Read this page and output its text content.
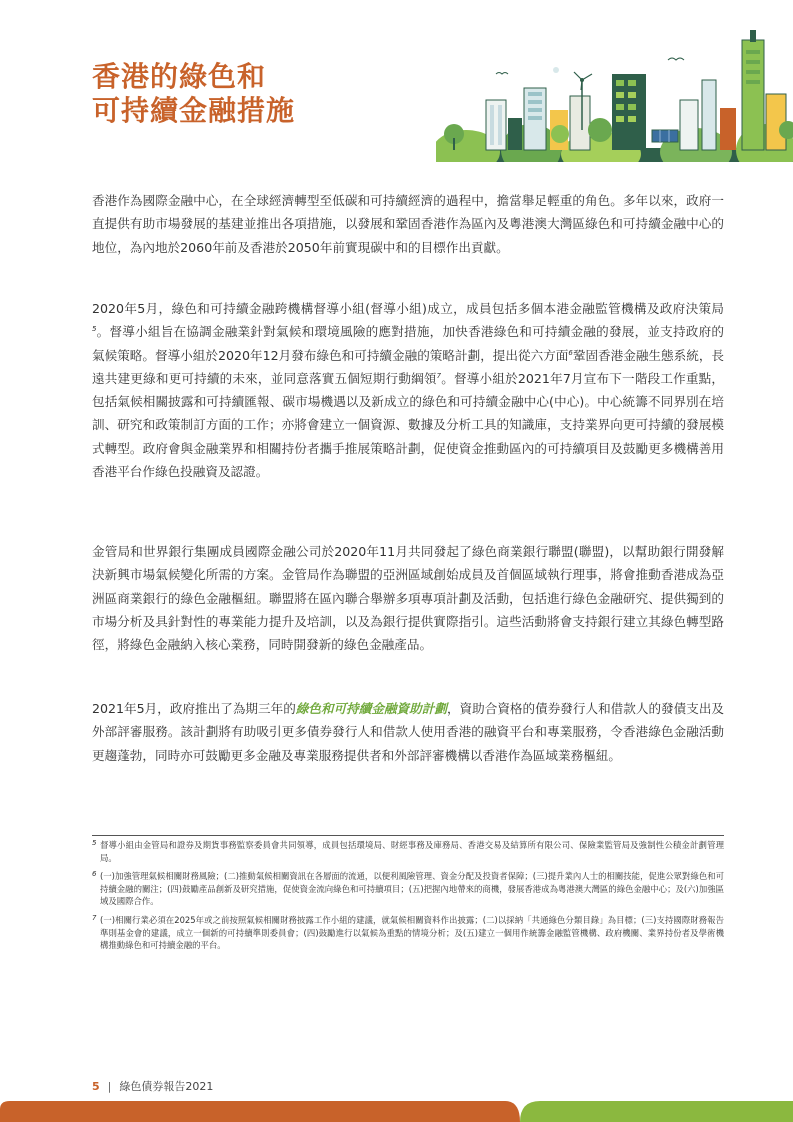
香港的綠色和
可持續金融措施
香港作為國際金融中心，在全球經濟轉型至低碳和可持續經濟的過程中，擔當舉足輕重的角色。多年以來，政府一直提供有助市場發展的基建並推出各項措施，以發展和鞏固香港作為區內及粵港澳大灣區綠色和可持續金融中心的地位，為內地於2060年前及香港於2050年前實現碳中和的目標作出貢獻。
2020年5月，綠色和可持續金融跨機構督導小組(督導小組)成立，成員包括多個本港金融監管機構及政府決策局$^5$。督導小組旨在協調金融業針對氣候和環境風險的應對措施，加快香港綠色和可持續金融的發展，並支持政府的氣候策略。督導小組於2020年12月發布綠色和可持續金融的策略計劃，提出從六方面$^6$鞏固香港金融生態系統，長遠共建更綠和更可持續的未來，並同意落實五個短期行動綱領$^7$。督導小組於2021年7月宣布下一階段工作重點，包括氣候相關披露和可持續匯報、碳市場機遇以及新成立的綠色和可持續金融中心(中心)。中心統籌不同界別在培訓、研究和政策制訂方面的工作；亦將會建立一個資源、數據及分析工具的知識庫，支持業界向更可持續的發展模式轉型。政府會與金融業界和相關持份者攜手推展策略計劃，促使資金推動區內的可持續項目及鼓勵更多機構善用香港平台作綠色投融資及認證。
金管局和世界銀行集團成員國際金融公司於2020年11月共同發起了綠色商業銀行聯盟(聯盟)，以幫助銀行開發解決新興市場氣候變化所需的方案。金管局作為聯盟的亞洲區域創始成員及首個區域執行理事，將會推動香港成為亞洲區商業銀行的綠色金融樞紐。聯盟將在區內聯合舉辦多項專項計劃及活動，包括進行綠色金融研究、提供獨到的市場分析及具針對性的專業能力提升及培訓，以及為銀行提供實際指引。這些活動將會支持銀行建立其綠色轉型路徑，將綠色金融納入核心業務，同時開發新的綠色金融產品。
2021年5月，政府推出了為期三年的綠色和可持續金融資助計劃，資助合資格的債券發行人和借款人的發債支出及外部評審服務。該計劃將有助吸引更多債券發行人和借款人使用香港的融資平台和專業服務，令香港綠色金融活動更趨蓬勃，同時亦可鼓勵更多金融及專業服務提供者和外部評審機構以香港作為區域業務樞紐。
5 督導小組由金管局和證券及期貨事務監察委員會共同領導，成員包括環境局、財經事務及庫務局、香港交易及結算所有限公司、保險業監管局及強制性公積金計劃管理局。
6 (一)加強管理氣候相關財務風險；(二)推動氣候相關資訊在各層面的流通，以便利風險管理、資金分配及投資者保障；(三)提升業內人士的相關技能，促進公眾對綠色和可持續金融的關注；(四)鼓勵產品創新及研究措施，促使資金流向綠色和可持續項目；(五)把握內地帶來的商機，發展香港成為粵港澳大灣區的綠色金融中心；及(六)加強區域及國際合作。
7 (一)相關行業必須在2025年或之前按照氣候相關財務披露工作小組的建議，就氣候相關資料作出披露；(二)以採納「共通綠色分類目錄」為目標；(三)支持國際財務報告準則基金會的建議，成立一個新的可持續準則委員會；(四)鼓勵進行以氣候為重點的情境分析；及(五)建立一個用作統籌金融監管機構、政府機關、業界持份者及學術機構推動綠色和可持續金融的平台。
5 | 綠色債券報告2021
